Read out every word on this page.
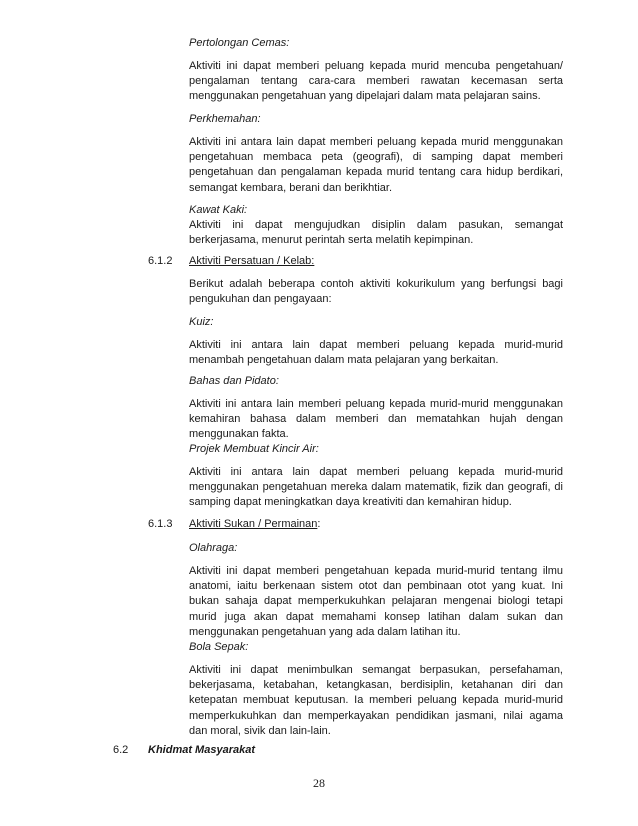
Pertolongan Cemas:
Aktiviti ini dapat memberi peluang kepada murid mencuba pengetahuan/ pengalaman tentang cara-cara memberi rawatan kecemasan serta menggunakan pengetahuan yang dipelajari dalam mata pelajaran sains.
Perkhemahan:
Aktiviti ini antara lain dapat memberi peluang kepada murid menggunakan pengetahuan membaca peta (geografi), di samping dapat memberi pengetahuan dan pengalaman kepada murid tentang cara hidup berdikari, semangat kembara, berani dan berikhtiar.
Kawat Kaki:
Aktiviti ini dapat mengujudkan disiplin dalam pasukan, semangat berkerjasama, menurut perintah serta melatih kepimpinan.
6.1.2 Aktiviti Persatuan / Kelab:
Berikut adalah beberapa contoh aktiviti kokurikulum yang berfungsi bagi pengukuhan dan pengayaan:
Kuiz:
Aktiviti ini antara lain dapat memberi peluang kepada murid-murid menambah pengetahuan dalam mata pelajaran yang berkaitan.
Bahas dan Pidato:
Aktiviti ini antara lain memberi peluang kepada murid-murid menggunakan kemahiran bahasa dalam memberi dan mematahkan hujah dengan menggunakan fakta.
Projek Membuat Kincir Air:
Aktiviti ini antara lain dapat memberi peluang kepada murid-murid menggunakan pengetahuan mereka dalam matematik, fizik dan geografi, di samping dapat meningkatkan daya kreativiti dan kemahiran hidup.
6.1.3 Aktiviti Sukan / Permainan:
Olahraga:
Aktiviti ini dapat memberi pengetahuan kepada murid-murid tentang ilmu anatomi, iaitu berkenaan sistem otot dan pembinaan otot yang kuat. Ini bukan sahaja dapat memperkukuhkan pelajaran mengenai biologi tetapi murid juga akan dapat memahami konsep latihan dalam sukan dan menggunakan pengetahuan yang ada dalam latihan itu.
Bola Sepak:
Aktiviti ini dapat menimbulkan semangat berpasukan, persefahaman, bekerjasama, ketabahan, ketangkasan, berdisiplin, ketahanan diri dan ketepatan membuat keputusan. Ia memberi peluang kepada murid-murid memperkukuhkan dan memperkayakan pendidikan jasmani, nilai agama dan moral, sivik dan lain-lain.
6.2 Khidmat Masyarakat
28
